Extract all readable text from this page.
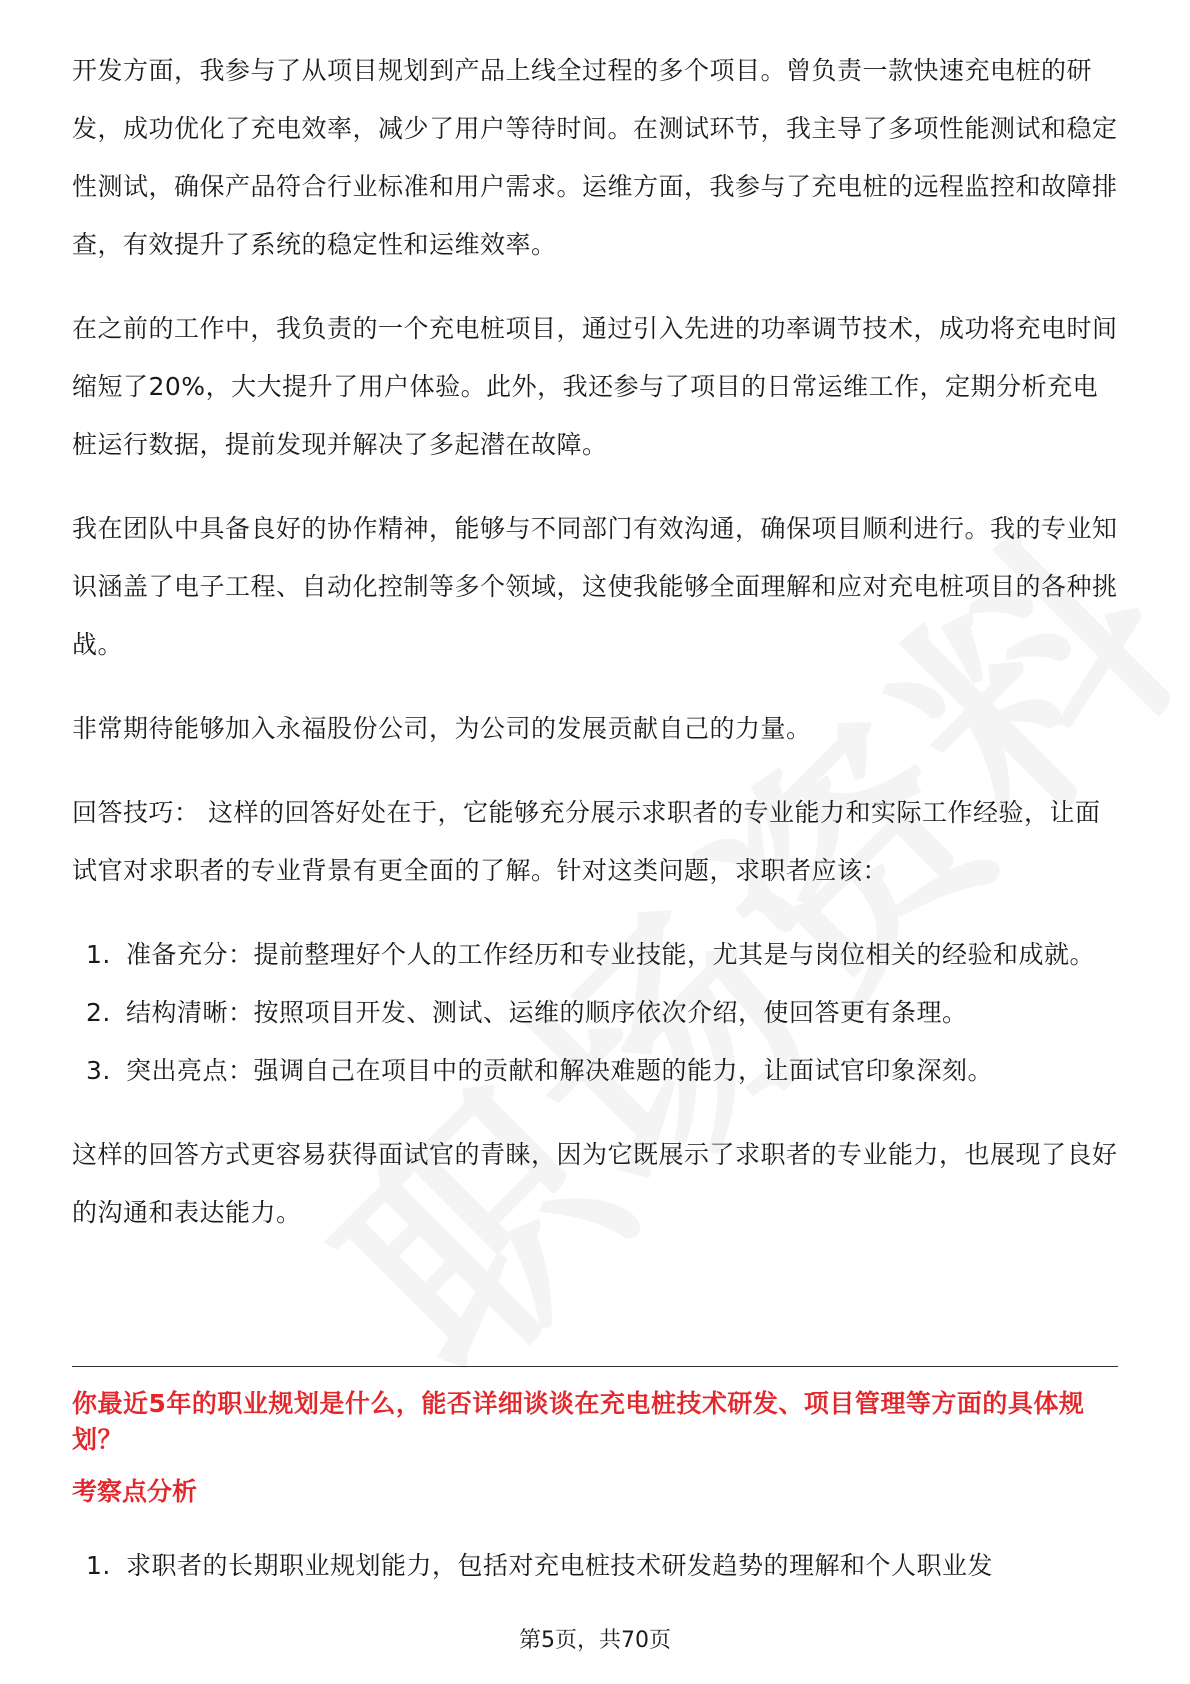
开发方面，我参与了从项目规划到产品上线全过程的多个项目。曾负责一款快速充电桩的研发，成功优化了充电效率，减少了用户等待时间。在测试环节，我主导了多项性能测试和稳定性测试，确保产品符合行业标准和用户需求。运维方面，我参与了充电桩的远程监控和故障排查，有效提升了系统的稳定性和运维效率。

在之前的工作中，我负责的一个充电桩项目，通过引入先进的功率调节技术，成功将充电时间缩短了20%，大大提升了用户体验。此外，我还参与了项目的日常运维工作，定期分析充电桩运行数据，提前发现并解决了多起潜在故障。

我在团队中具备良好的协作精神，能够与不同部门有效沟通，确保项目顺利进行。我的专业知识涵盖了电子工程、自动化控制等多个领域，这使我能够全面理解和应对充电桩项目的各种挑战。

非常期待能够加入永福股份公司，为公司的发展贡献自己的力量。

回答技巧： 这样的回答好处在于，它能够充分展示求职者的专业能力和实际工作经验，让面试官对求职者的专业背景有更全面的了解。针对这类问题，求职者应该：

1. 准备充分：提前整理好个人的工作经历和专业技能，尤其是与岗位相关的经验和成就。
2. 结构清晰：按照项目开发、测试、运维的顺序依次介绍，使回答更有条理。
3. 突出亮点：强调自己在项目中的贡献和解决难题的能力，让面试官印象深刻。

这样的回答方式更容易获得面试官的青睐，因为它既展示了求职者的专业能力，也展现了良好的沟通和表达能力。

你最近5年的职业规划是什么，能否详细谈谈在充电桩技术研发、项目管理等方面的具体规划？
考察点分析
1. 求职者的长期职业规划能力，包括对充电桩技术研发趋势的理解和个人职业发
第5页，共70页
